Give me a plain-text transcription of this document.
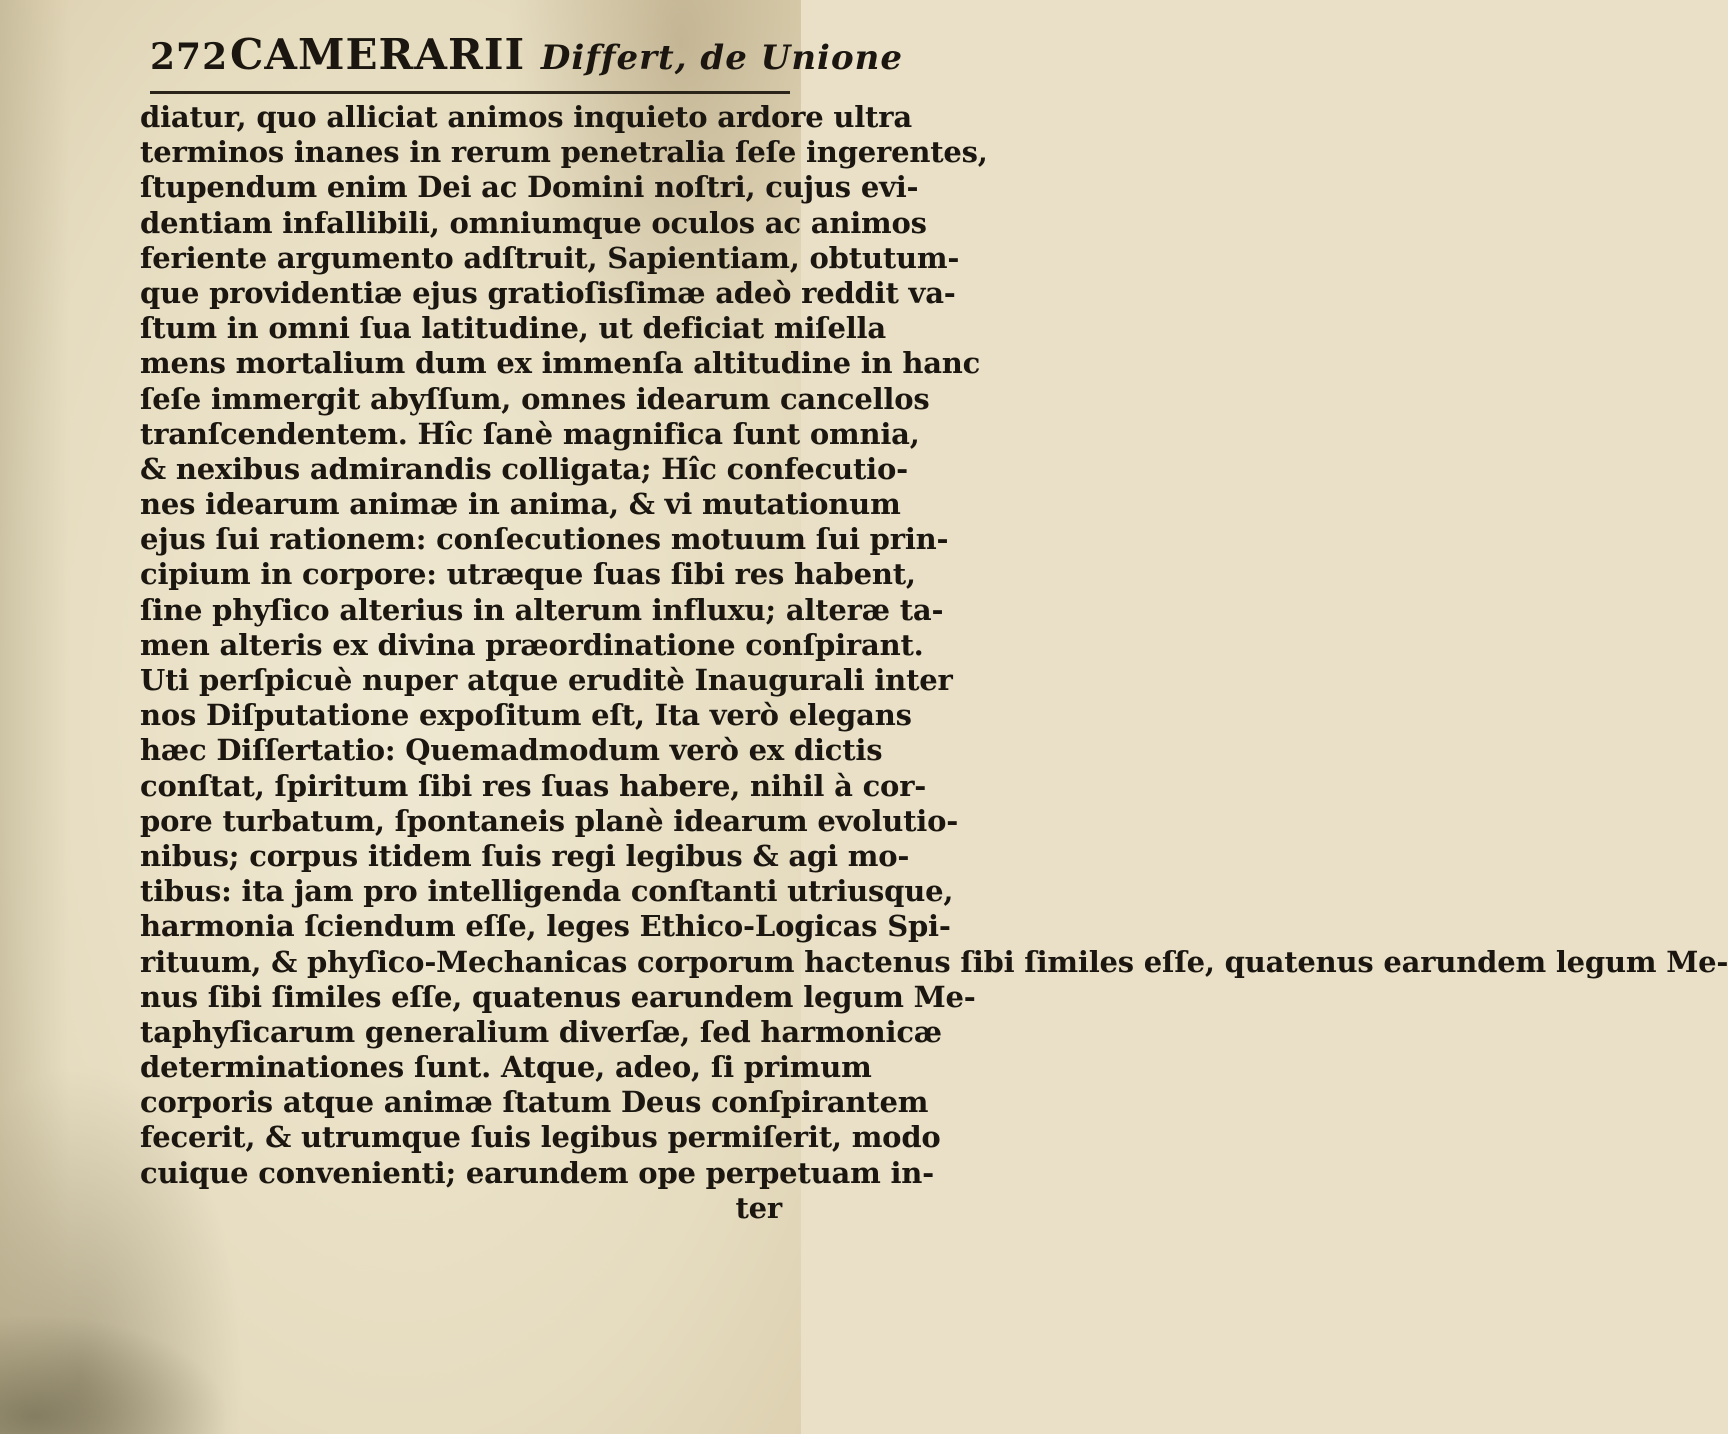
272 CAMERARII Differt, de Unione
diatur, quo alliciat animos inquieto ardore ultra
terminos inanes in rerum penetralia ſeſe ingerentes,
ſtupendum enim Dei ac Domini noſtri, cujus evi-
dentiam infallibili, omniumque oculos ac animos
feriente argumento adſtruit, Sapientiam, obtutum-
que providentiæ ejus gratioſisſimæ adeò reddit va-
ſtum in omni ſua latitudine, ut deficiat miſella
mens mortalium dum ex immenſa altitudine in hanc
ſeſe immergit abyſſum, omnes idearum cancellos
tranſcendentem. Hîc ſanè magnifica ſunt omnia,
& nexibus admirandis colligata; Hîc confecutio-
nes idearum animæ in anima, & vi mutationum
ejus ſui rationem: conſecutiones motuum ſui prin-
cipium in corpore: utræque ſuas ſibi res habent,
ſine phyſico alterius in alterum influxu; alteræ ta-
men alteris ex divina præordinatione conſpirant.
Uti perſpicuè nuper atque eruditè Inaugurali inter
nos Diſputatione expoſitum eſt, Ita verò elegans
hæc Diſſertatio: Quemadmodum verò ex dictis
conſtat, ſpiritum ſibi res ſuas habere, nihil à cor-
pore turbatum, ſpontaneis planè idearum evolutio-
nibus; corpus itidem ſuis regi legibus & agi mo-
tibus: ita jam pro intelligenda conſtanti utriusque,
harmonia ſciendum eſſe, leges Ethico-Logicas Spi-
rituum, & phyſico-Mechanicas corporum hactenus ſibi ſimiles eſſe, quatenus earundem legum Me-
nus ſibi ſimiles eſſe, quatenus earundem legum Me-
taphyſicarum generalium diverſæ, ſed harmonicæ
determinationes ſunt. Atque, adeo, ſi primum
corporis atque animæ ſtatum Deus conſpirantem
fecerit, & utrumque ſuis legibus permiſerit, modo
cuique convenienti; earundem ope perpetuam in-
ter
